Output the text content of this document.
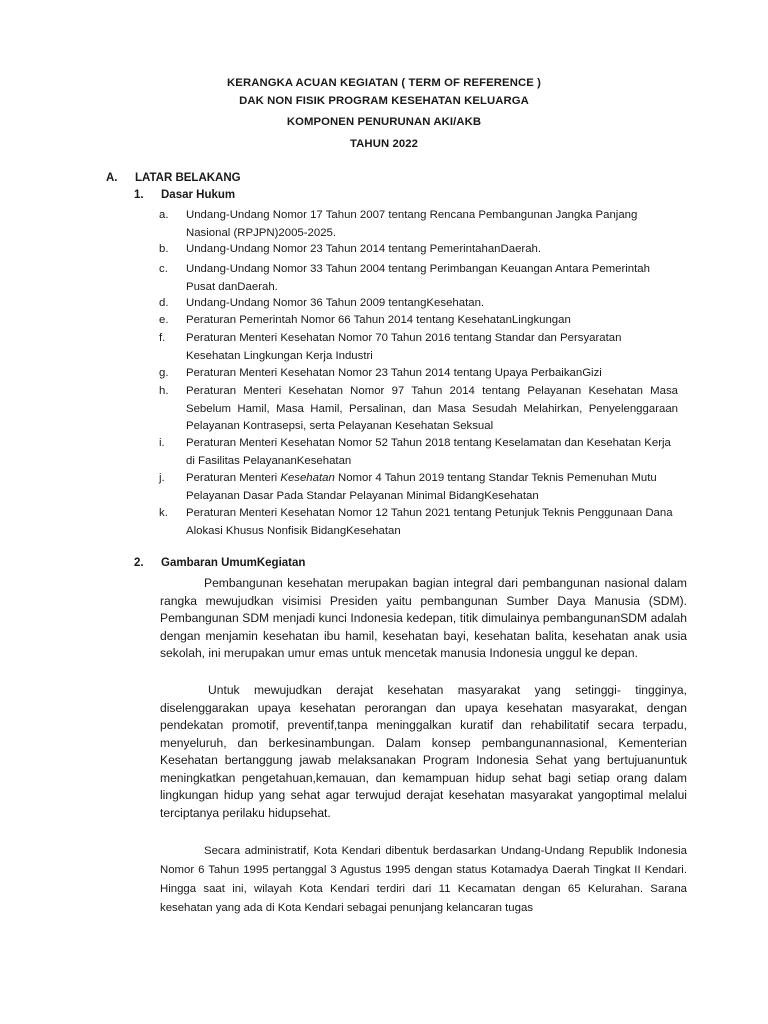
KERANGKA ACUAN KEGIATAN ( TERM OF REFERENCE )
DAK NON FISIK PROGRAM KESEHATAN KELUARGA
KOMPONEN PENURUNAN AKI/AKB
TAHUN 2022
A. LATAR BELAKANG
1. Dasar Hukum
a. Undang-Undang Nomor 17 Tahun 2007 tentang Rencana Pembangunan Jangka Panjang Nasional (RPJPN)2005-2025.
b. Undang-Undang Nomor 23 Tahun 2014 tentang PemerintahanDaerah.
c. Undang-Undang Nomor 33 Tahun 2004 tentang Perimbangan Keuangan Antara Pemerintah Pusat danDaerah.
d. Undang-Undang Nomor 36 Tahun 2009 tentangKesehatan.
e. Peraturan Pemerintah Nomor 66 Tahun 2014 tentang KesehatanLingkungan
f. Peraturan Menteri Kesehatan Nomor 70 Tahun 2016 tentang Standar dan Persyaratan Kesehatan Lingkungan Kerja Industri
g. Peraturan Menteri Kesehatan Nomor 23 Tahun 2014 tentang Upaya PerbaikanGizi
h. Peraturan Menteri Kesehatan Nomor 97 Tahun 2014 tentang Pelayanan Kesehatan Masa Sebelum Hamil, Masa Hamil, Persalinan, dan Masa Sesudah Melahirkan, Penyelenggaraan Pelayanan Kontrasepsi, serta Pelayanan Kesehatan Seksual
i. Peraturan Menteri Kesehatan Nomor 52 Tahun 2018 tentang Keselamatan dan Kesehatan Kerja di Fasilitas PelayananKesehatan
j. Peraturan Menteri Kesehatan Nomor 4 Tahun 2019 tentang Standar Teknis Pemenuhan Mutu Pelayanan Dasar Pada Standar Pelayanan Minimal BidangKesehatan
k. Peraturan Menteri Kesehatan Nomor 12 Tahun 2021 tentang Petunjuk Teknis Penggunaan Dana Alokasi Khusus Nonfisik BidangKesehatan
2. Gambaran UmumKegiatan
Pembangunan kesehatan merupakan bagian integral dari pembangunan nasional dalam rangka mewujudkan visimisi Presiden yaitu pembangunan Sumber Daya Manusia (SDM). Pembangunan SDM menjadi kunci Indonesia kedepan, titik dimulainya pembangunanSDM adalah dengan menjamin kesehatan ibu hamil, kesehatan bayi, kesehatan balita, kesehatan anak usia sekolah, ini merupakan umur emas untuk mencetak manusia Indonesia unggul ke depan.
Untuk mewujudkan derajat kesehatan masyarakat yang setinggi- tingginya, diselenggarakan upaya kesehatan perorangan dan upaya kesehatan masyarakat, dengan pendekatan promotif, preventif,tanpa meninggalkan kuratif dan rehabilitatif secara terpadu, menyeluruh, dan berkesinambungan. Dalam konsep pembangunannasional, Kementerian Kesehatan bertanggung jawab melaksanakan Program Indonesia Sehat yang bertujuanuntuk meningkatkan pengetahuan,kemauan, dan kemampuan hidup sehat bagi setiap orang dalam lingkungan hidup yang sehat agar terwujud derajat kesehatan masyarakat yangoptimal melalui terciptanya perilaku hidupsehat.
Secara administratif, Kota Kendari dibentuk berdasarkan Undang-Undang Republik Indonesia Nomor 6 Tahun 1995 pertanggal 3 Agustus 1995 dengan status Kotamadya Daerah Tingkat II Kendari. Hingga saat ini, wilayah Kota Kendari terdiri dari 11 Kecamatan dengan 65 Kelurahan. Sarana kesehatan yang ada di Kota Kendari sebagai penunjang kelancaran tugas
